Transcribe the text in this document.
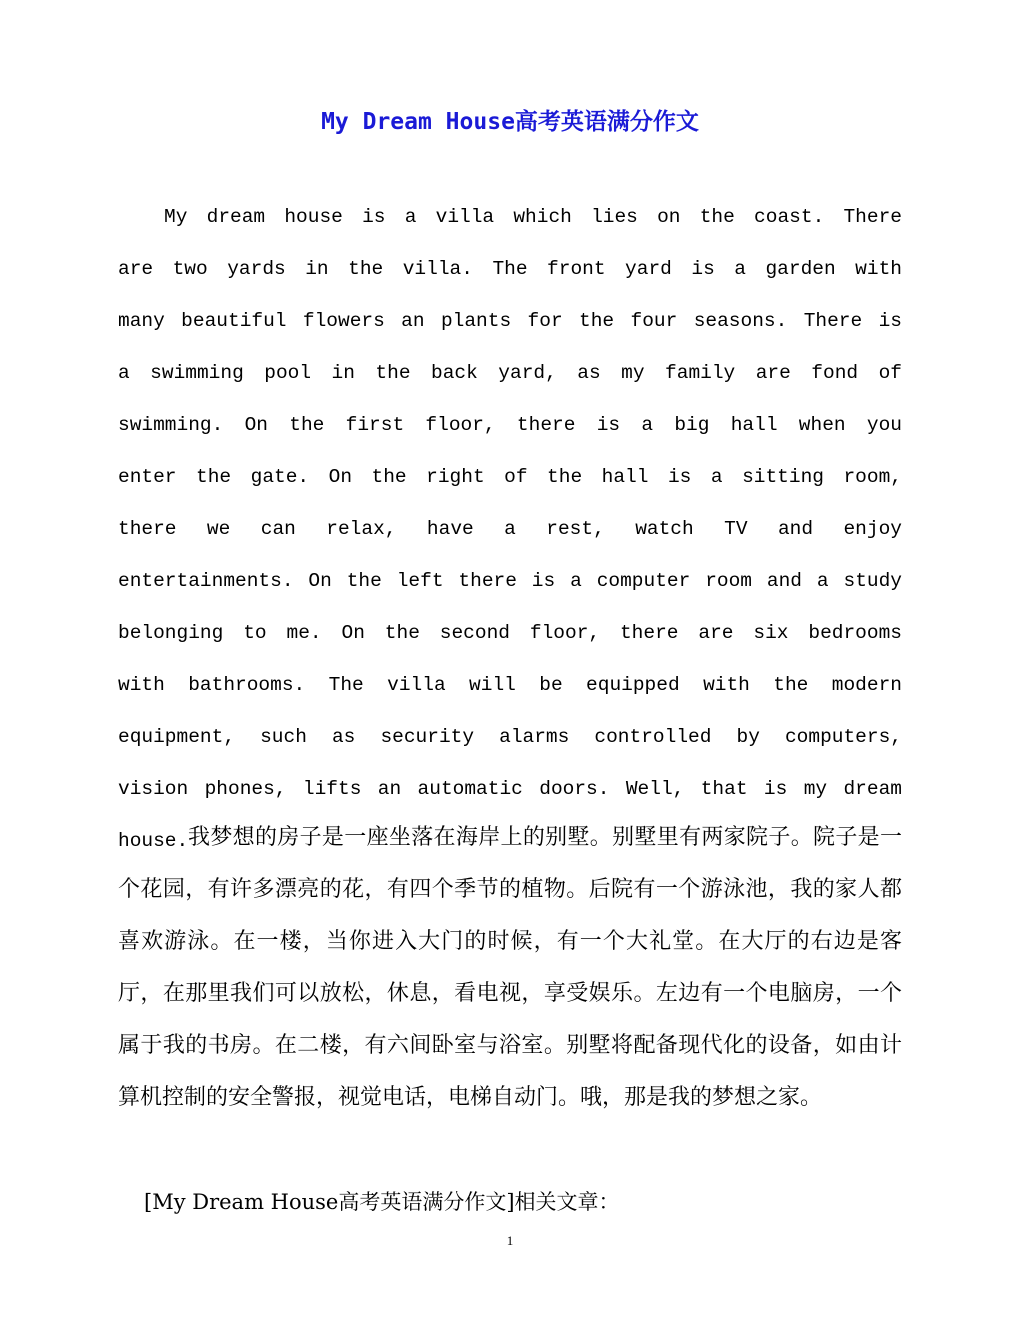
My Dream House高考英语满分作文

My dream house is a villa which lies on the coast. There are two yards in the villa. The front yard is a garden with many beautiful flowers an plants for the four seasons. There is a swimming pool in the back yard, as my family are fond of swimming. On the first floor, there is a big hall when you enter the gate. On the right of the hall is a sitting room, there we can relax, have a rest, watch TV and enjoy entertainments. On the left there is a computer room and a study belonging to me. On the second floor, there are six bedrooms with bathrooms. The villa will be equipped with the modern equipment, such as security alarms controlled by computers, vision phones, lifts an automatic doors. Well, that is my dream house. 我梦想的房子是一座坐落在海岸上的别墅。别墅里有两家院子。院子是一个花园，有许多漂亮的花，有四个季节的植物。后院有一个游泳池，我的家人都喜欢游泳。在一楼，当你进入大门的时候，有一个大礼堂。在大厅的右边是客厅，在那里我们可以放松，休息，看电视，享受娱乐。左边有一个电脑房，一个属于我的书房。在二楼，有六间卧室与浴室。别墅将配备现代化的设备，如由计算机控制的安全警报，视觉电话，电梯自动门。哦，那是我的梦想之家。

[My Dream House高考英语满分作文]相关文章：
1
